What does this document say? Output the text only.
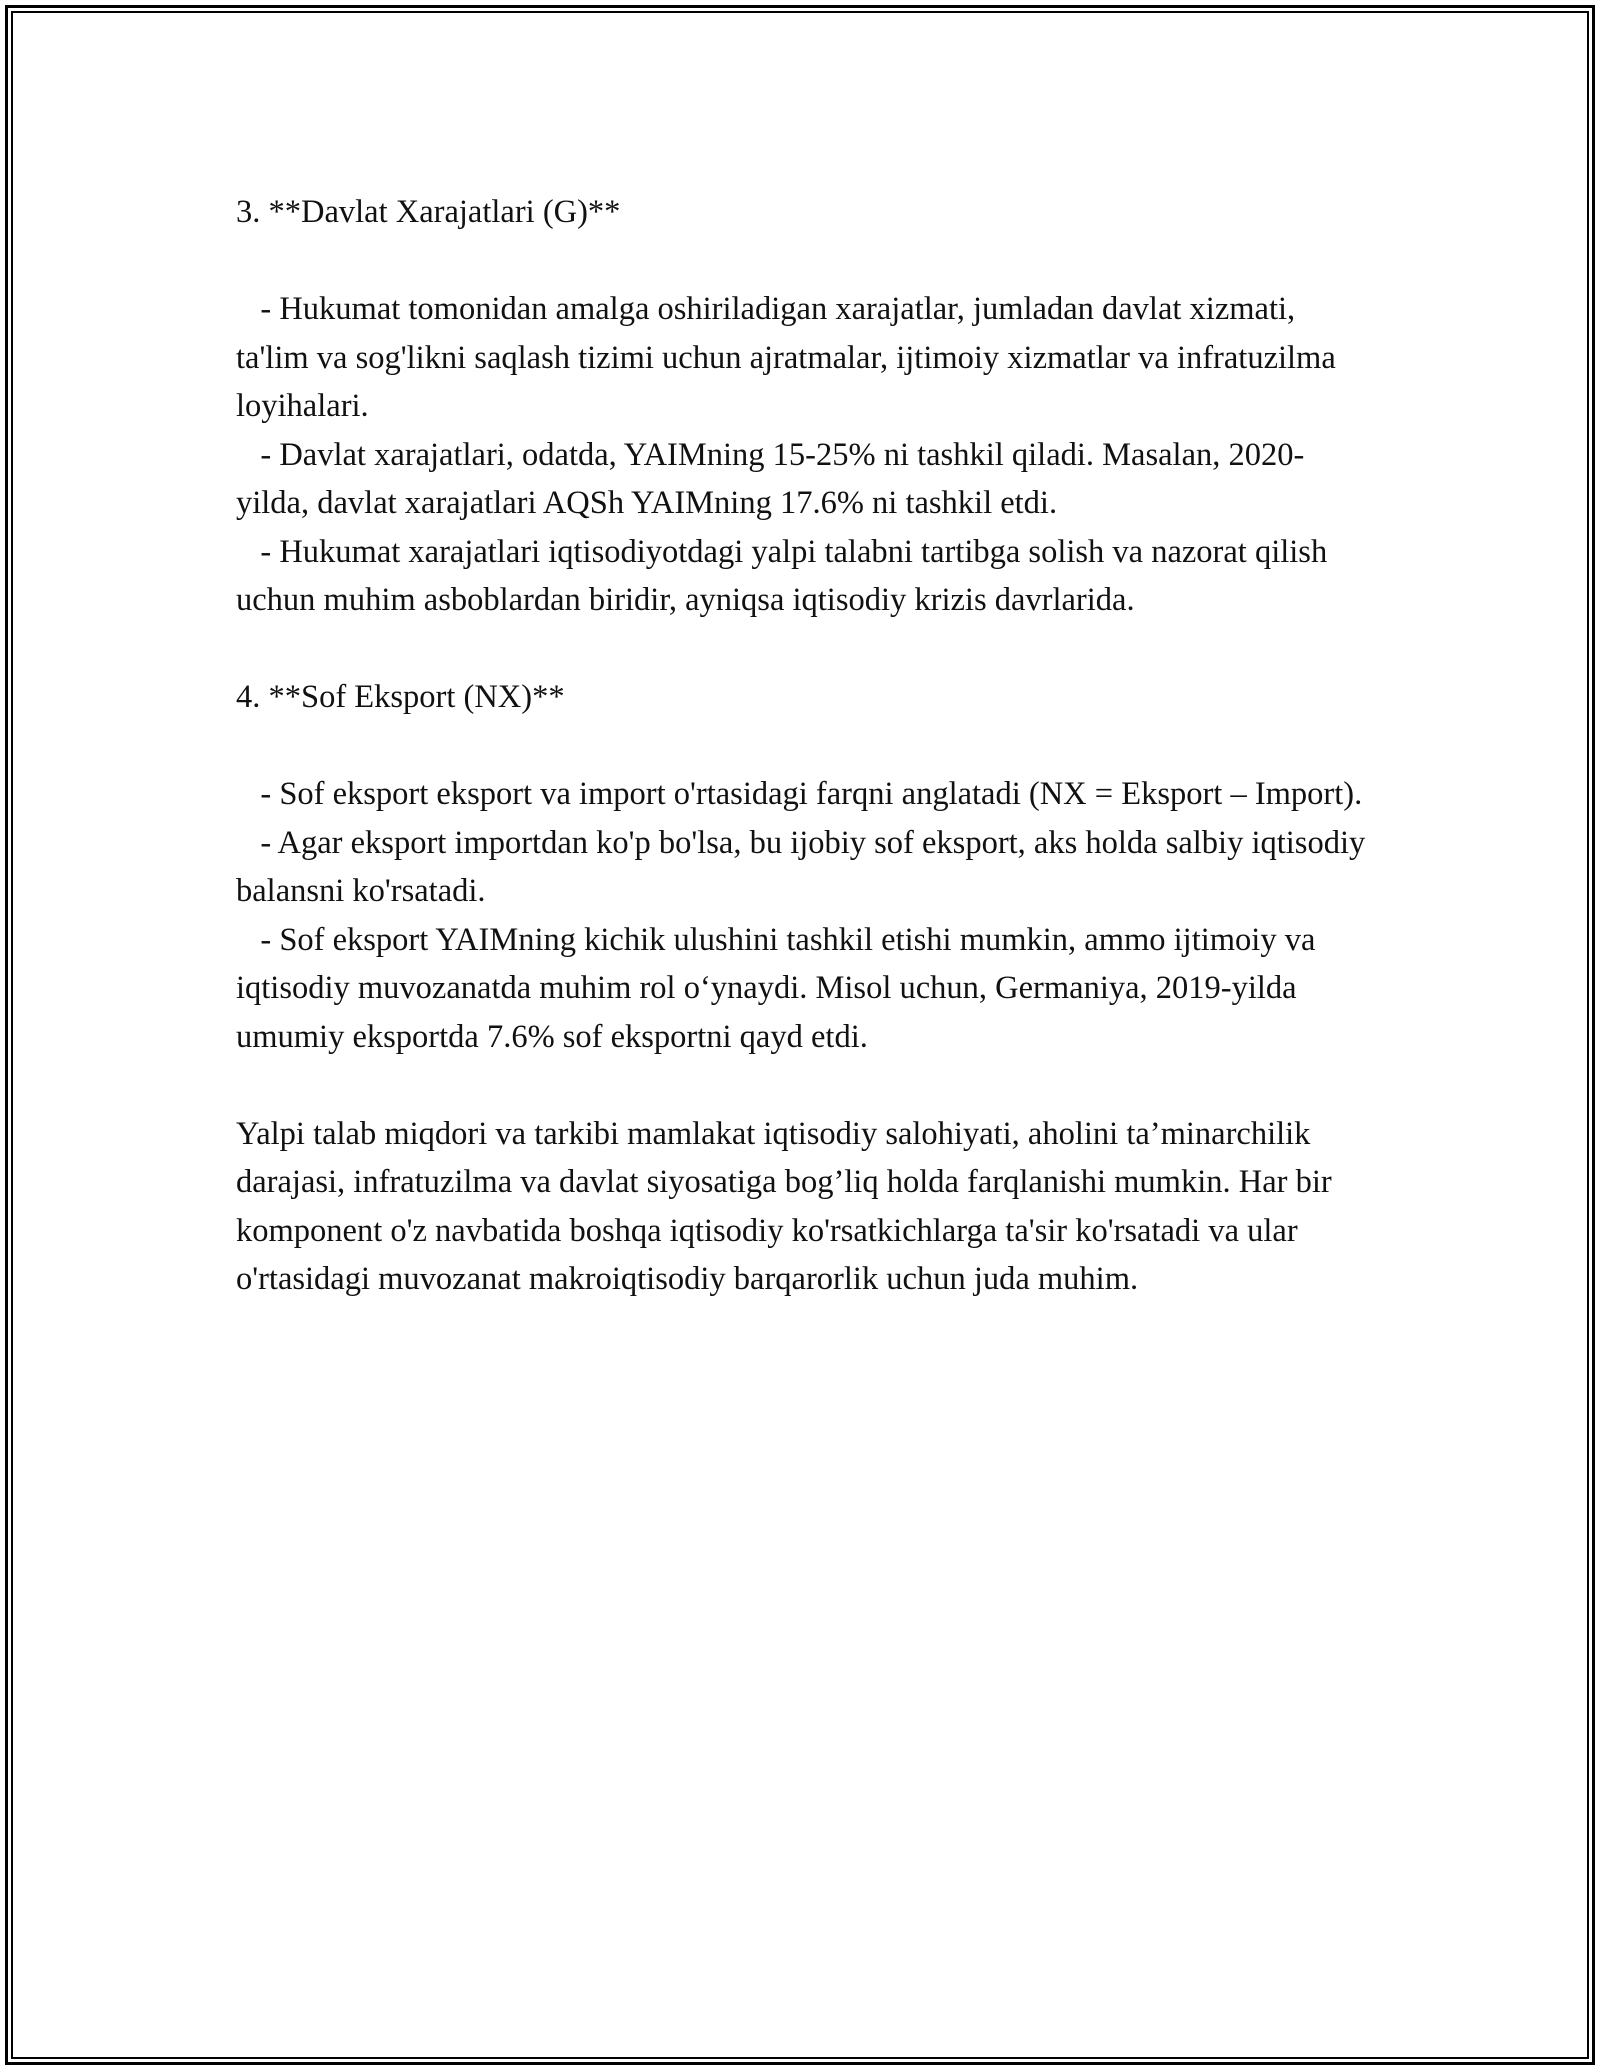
3. **Davlat Xarajatlari (G)**

- Hukumat tomonidan amalga oshiriladigan xarajatlar, jumladan davlat xizmati, ta'lim va sog'likni saqlash tizimi uchun ajratmalar, ijtimoiy xizmatlar va infratuzilma loyihalari.

- Davlat xarajatlari, odatda, YAIMning 15-25% ni tashkil qiladi. Masalan, 2020-yilda, davlat xarajatlari AQSh YAIMning 17.6% ni tashkil etdi.

- Hukumat xarajatlari iqtisodiyotdagi yalpi talabni tartibga solish va nazorat qilish uchun muhim asboblardan biridir, ayniqsa iqtisodiy krizis davrlarida.

4. **Sof Eksport (NX)**

- Sof eksport eksport va import o'rtasidagi farqni anglatadi (NX = Eksport – Import).

- Agar eksport importdan ko'p bo'lsa, bu ijobiy sof eksport, aks holda salbiy iqtisodiy balansni ko'rsatadi.

- Sof eksport YAIMning kichik ulushini tashkil etishi mumkin, ammo ijtimoiy va iqtisodiy muvozanatda muhim rol o‘ynaydi. Misol uchun, Germaniya, 2019-yilda umumiy eksportda 7.6% sof eksportni qayd etdi.

Yalpi talab miqdori va tarkibi mamlakat iqtisodiy salohiyati, aholini ta’minarchilik darajasi, infratuzilma va davlat siyosatiga bog’liq holda farqlanishi mumkin. Har bir komponent o'z navbatida boshqa iqtisodiy ko'rsatkichlarga ta'sir ko'rsatadi va ular o'rtasidagi muvozanat makroiqtisodiy barqarorlik uchun juda muhim.
